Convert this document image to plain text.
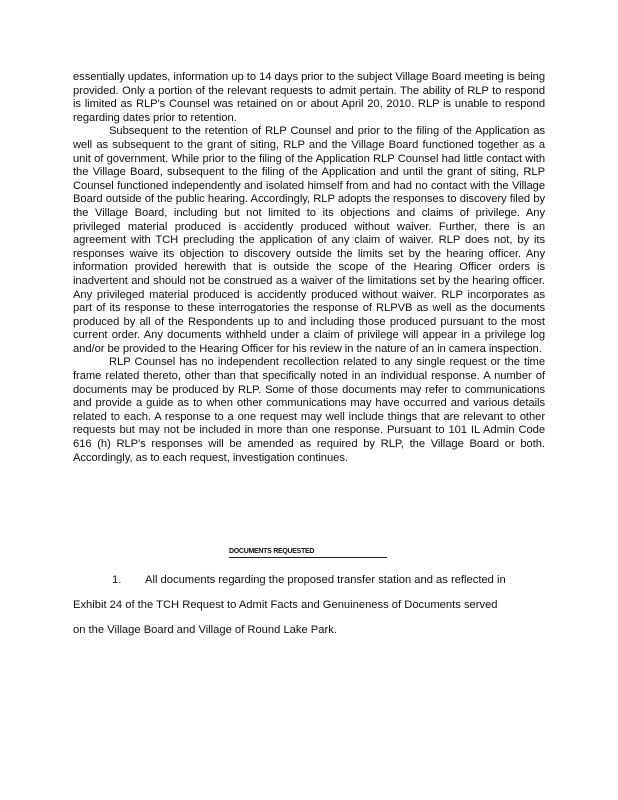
essentially updates, information up to 14 days prior to the subject Village Board meeting is being provided. Only a portion of the relevant requests to admit pertain. The ability of RLP to respond is limited as RLP's Counsel was retained on or about April 20, 2010. RLP is unable to respond regarding dates prior to retention.

Subsequent to the retention of RLP Counsel and prior to the filing of the Application as well as subsequent to the grant of siting, RLP and the Village Board functioned together as a unit of government. While prior to the filing of the Application RLP Counsel had little contact with the Village Board, subsequent to the filing of the Application and until the grant of siting, RLP Counsel functioned independently and isolated himself from and had no contact with the Village Board outside of the public hearing. Accordingly, RLP adopts the responses to discovery filed by the Village Board, including but not limited to its objections and claims of privilege. Any privileged material produced is accidently produced without waiver. Further, there is an agreement with TCH precluding the application of any claim of waiver. RLP does not, by its responses waive its objection to discovery outside the limits set by the hearing officer. Any information provided herewith that is outside the scope of the Hearing Officer orders is inadvertent and should not be construed as a waiver of the limitations set by the hearing officer. Any privileged material produced is accidently produced without waiver. RLP incorporates as part of its response to these interrogatories the response of RLPVB as well as the documents produced by all of the Respondents up to and including those produced pursuant to the most current order. Any documents withheld under a claim of privilege will appear in a privilege log and/or be provided to the Hearing Officer for his review in the nature of an in camera inspection.

RLP Counsel has no independent recollection related to any single request or the time frame related thereto, other than that specifically noted in an individual response. A number of documents may be produced by RLP. Some of those documents may refer to communications and provide a guide as to when other communications may have occurred and various details related to each. A response to a one request may well include things that are relevant to other requests but may not be included in more than one response. Pursuant to 101 IL Admin Code 616 (h) RLP's responses will be amended as required by RLP, the Village Board or both. Accordingly, as to each request, investigation continues.

DOCUMENTS REQUESTED
1. All documents regarding the proposed transfer station and as reflected in
Exhibit 24 of the TCH Request to Admit Facts and Genuineness of Documents served
on the Village Board and Village of Round Lake Park.
